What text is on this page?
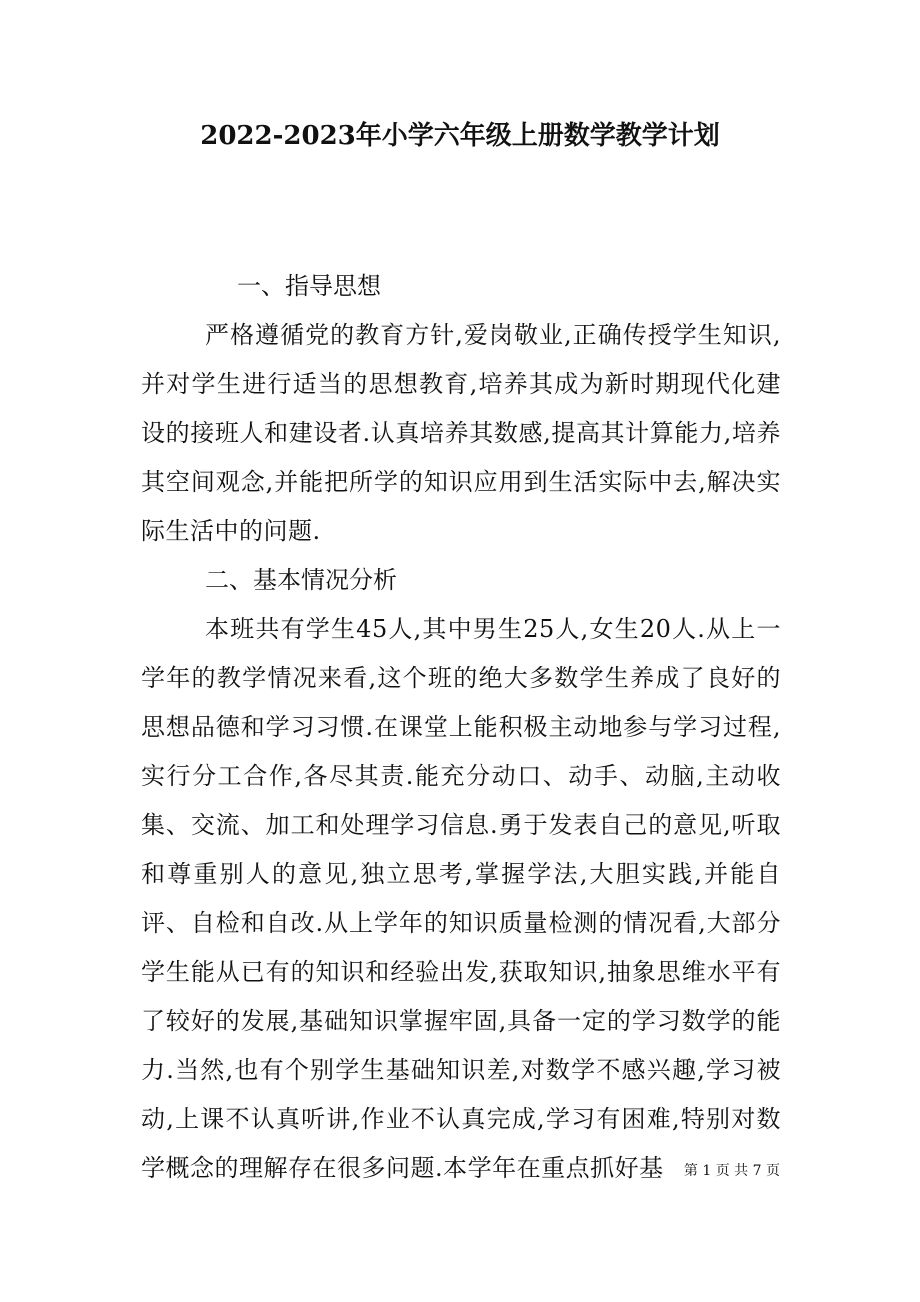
2022-2023年小学六年级上册数学教学计划
一、指导思想

严格遵循党的教育方针,爱岗敬业,正确传授学生知识,并对学生进行适当的思想教育,培养其成为新时期现代化建设的接班人和建设者.认真培养其数感,提高其计算能力,培养其空间观念,并能把所学的知识应用到生活实际中去,解决实际生活中的问题.

二、基本情况分析

本班共有学生45人,其中男生25人,女生20人.从上一学年的教学情况来看,这个班的绝大多数学生养成了良好的思想品德和学习习惯.在课堂上能积极主动地参与学习过程,实行分工合作,各尽其责.能充分动口、动手、动脑,主动收集、交流、加工和处理学习信息.勇于发表自己的意见,听取和尊重别人的意见,独立思考,掌握学法,大胆实践,并能自评、自检和自改.从上学年的知识质量检测的情况看,大部分学生能从已有的知识和经验出发,获取知识,抽象思维水平有了较好的发展,基础知识掌握牢固,具备一定的学习数学的能力.当然,也有个别学生基础知识差,对数学不感兴趣,学习被动,上课不认真听讲,作业不认真完成,学习有困难,特别对数学概念的理解存在很多问题.本学年在重点抓好基	第 1 页 共 7 页
